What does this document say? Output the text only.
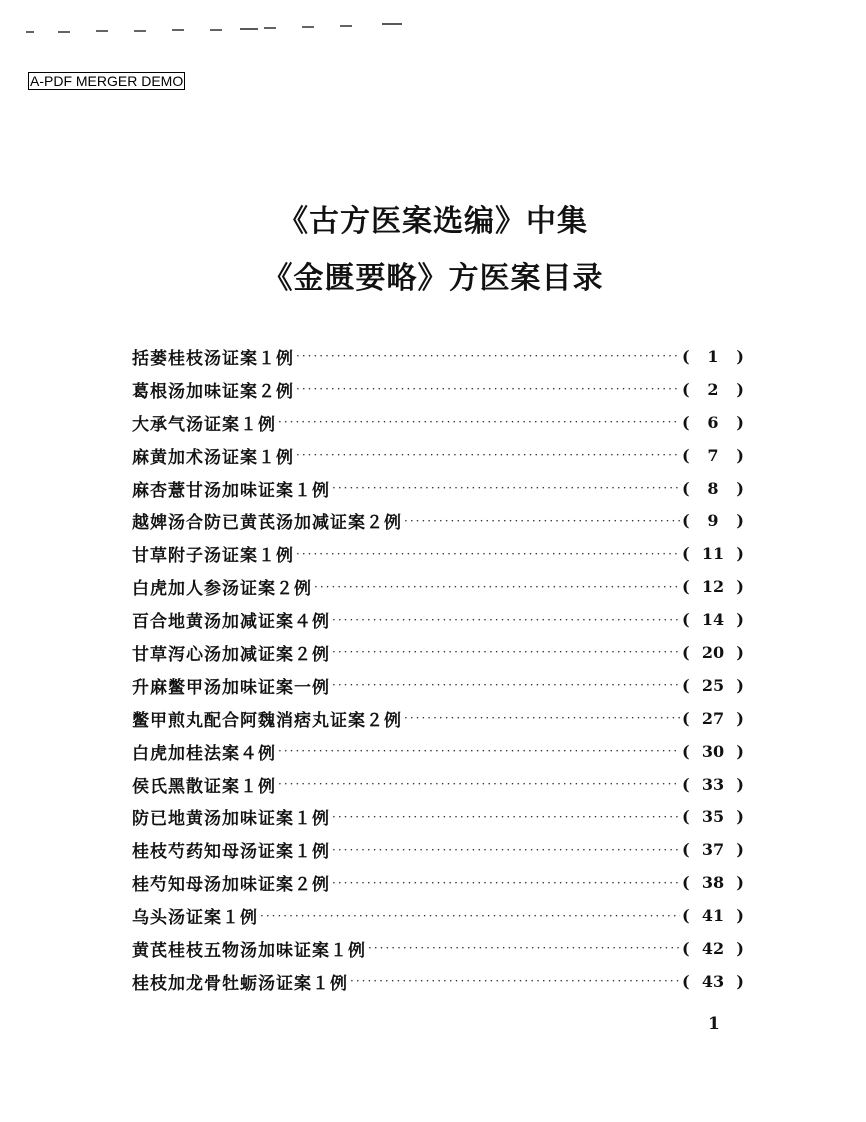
A-PDF MERGER DEMO
《古方医案选编》中集
《金匮要略》方医案目录
括蒌桂枝汤证案１例 ·····	(	1	)
葛根汤加味证案２例 ·····	(	2	)
大承气汤证案１例 ·····	(	6	)
麻黄加术汤证案１例 ·····	(	7	)
麻杏薏甘汤加味证案１例 ·····	(	8	)
越婢汤合防已黄芪汤加减证案２例 ·····	(	9	)
甘草附子汤证案１例 ·····	( 11 )
白虎加人参汤证案２例 ·····	( 12 )
百合地黄汤加减证案４例 ·····	( 14 )
甘草泻心汤加减证案２例 ·····	( 20 )
升麻鳖甲汤加味证案一例 ·····	( 25 )
鳖甲煎丸配合阿魏消痞丸证案２例 ·····	( 27 )
白虎加桂法案４例 ·····	( 30 )
侯氏黑散证案１例 ·····	( 33 )
防已地黄汤加味证案１例 ·····	( 35 )
桂枝芍药知母汤证案１例 ·····	( 37 )
桂芍知母汤加味证案２例 ·····	( 38 )
乌头汤证案１例 ·····	( 41 )
黄芪桂枝五物汤加味证案１例 ·····	( 42 )
桂枝加龙骨牡蛎汤证案１例 ·····	( 43 )
1
